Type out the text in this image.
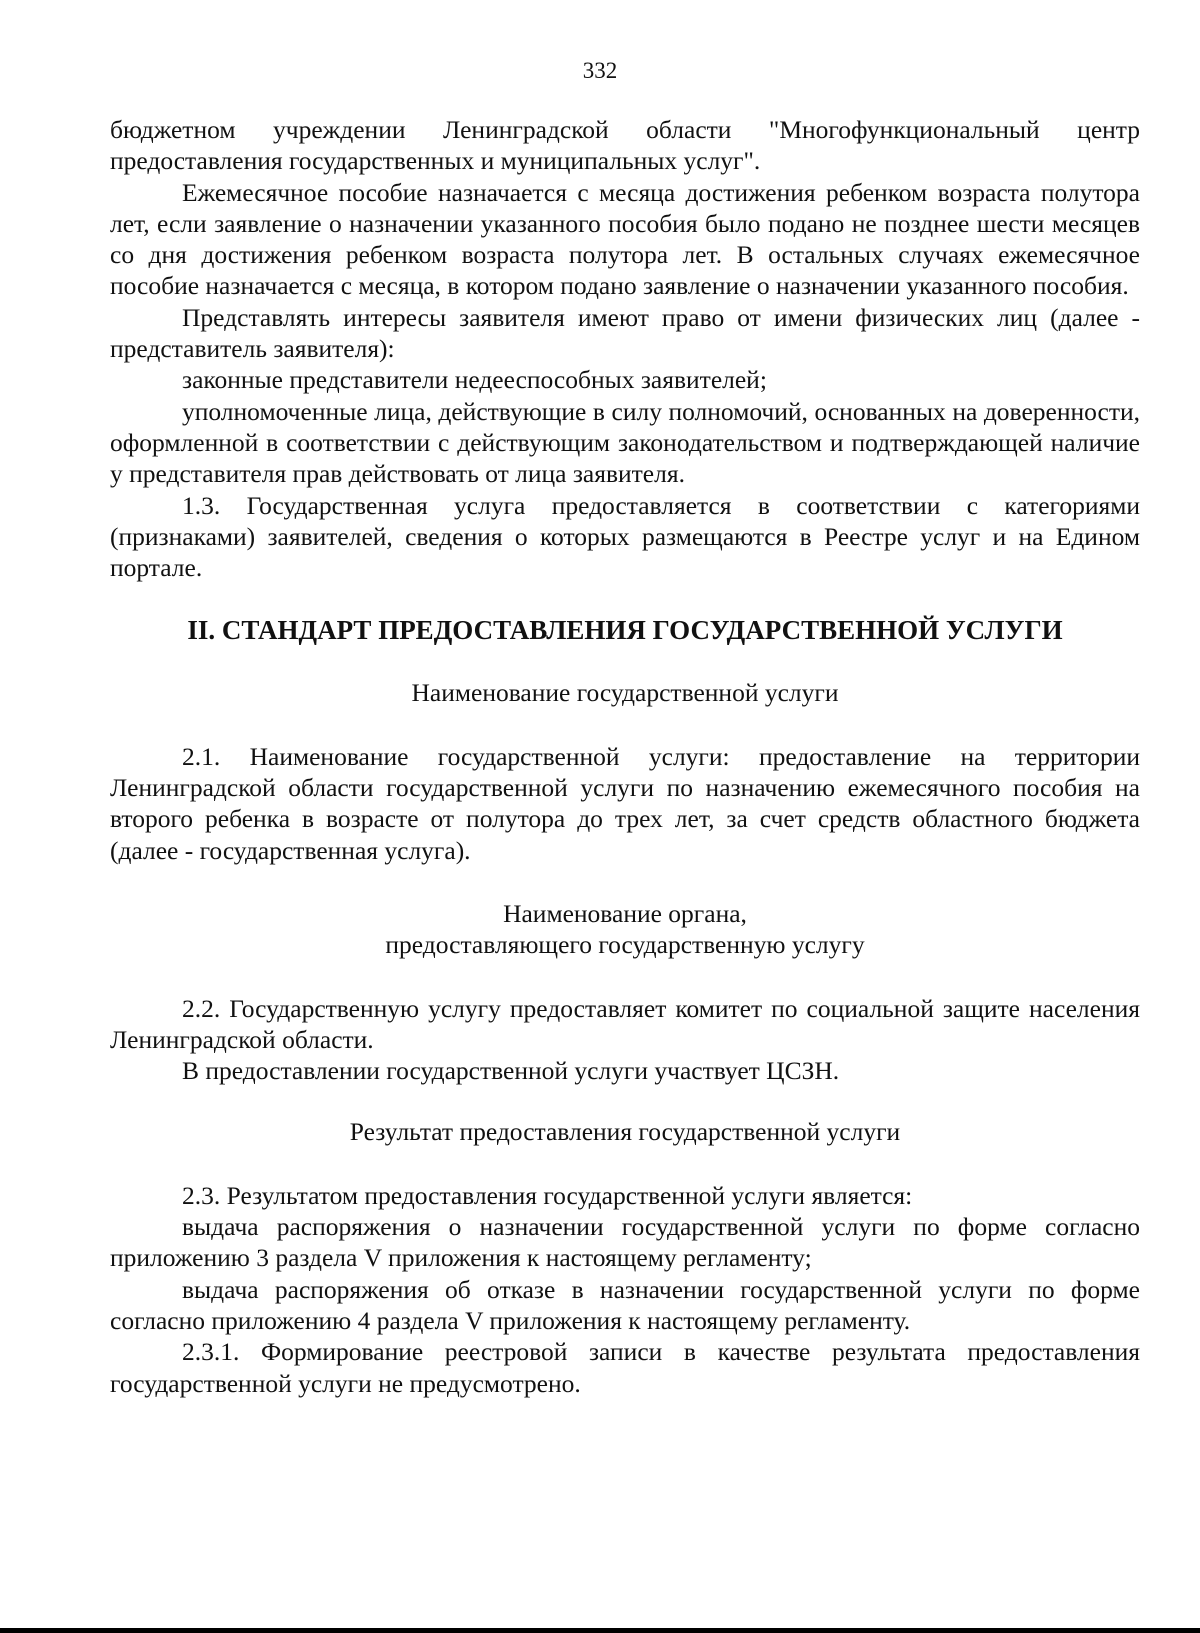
332

бюджетном учреждении Ленинградской области "Многофункциональный центр предоставления государственных и муниципальных услуг".

Ежемесячное пособие назначается с месяца достижения ребенком возраста полутора лет, если заявление о назначении указанного пособия было подано не позднее шести месяцев со дня достижения ребенком возраста полутора лет. В остальных случаях ежемесячное пособие назначается с месяца, в котором подано заявление о назначении указанного пособия.

Представлять интересы заявителя имеют право от имени физических лиц (далее - представитель заявителя):

законные представители недееспособных заявителей;

уполномоченные лица, действующие в силу полномочий, основанных на доверенности, оформленной в соответствии с действующим законодательством и подтверждающей наличие у представителя прав действовать от лица заявителя.

1.3. Государственная услуга предоставляется в соответствии с категориями (признаками) заявителей, сведения о которых размещаются в Реестре услуг и на Едином портале.

II. СТАНДАРТ ПРЕДОСТАВЛЕНИЯ ГОСУДАРСТВЕННОЙ УСЛУГИ

Наименование государственной услуги

2.1. Наименование государственной услуги: предоставление на территории Ленинградской области государственной услуги по назначению ежемесячного пособия на второго ребенка в возрасте от полутора до трех лет, за счет средств областного бюджета (далее - государственная услуга).

Наименование органа,
предоставляющего государственную услугу

2.2. Государственную услугу предоставляет комитет по социальной защите населения Ленинградской области.

В предоставлении государственной услуги участвует ЦСЗН.

Результат предоставления государственной услуги

2.3. Результатом предоставления государственной услуги является:

выдача распоряжения о назначении государственной услуги по форме согласно приложению 3 раздела V приложения к настоящему регламенту;

выдача распоряжения об отказе в назначении государственной услуги по форме согласно приложению 4 раздела V приложения к настоящему регламенту.

2.3.1. Формирование реестровой записи в качестве результата предоставления государственной услуги не предусмотрено.
